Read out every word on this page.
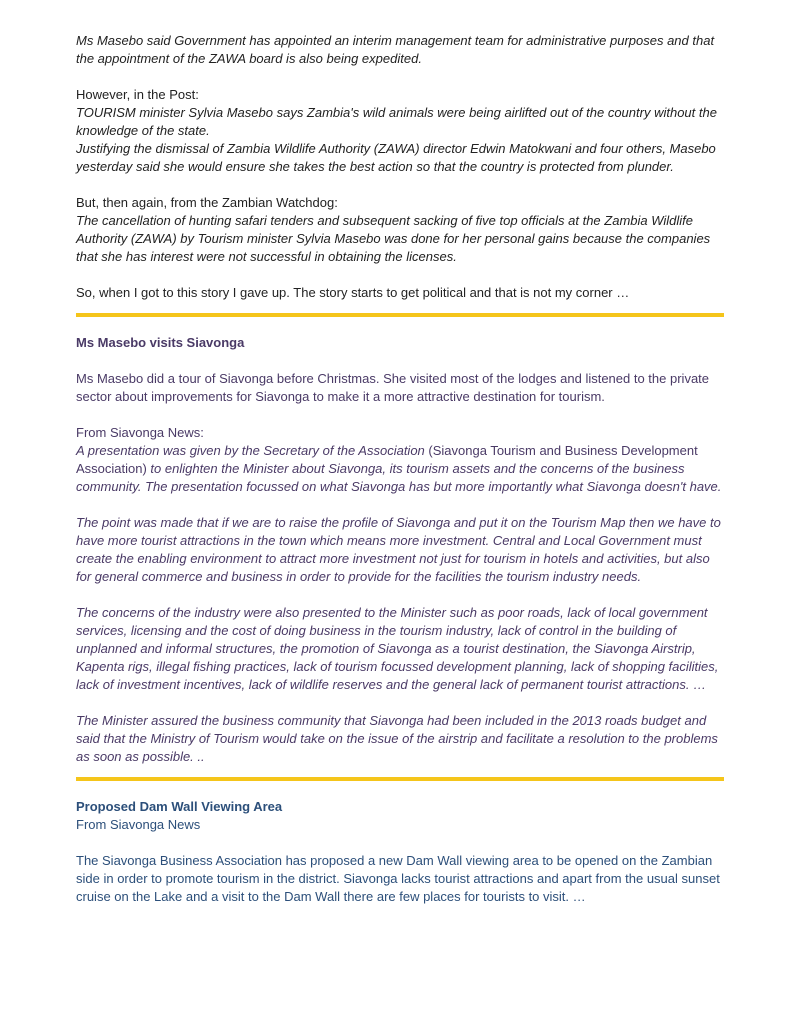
Ms Masebo said Government has appointed an interim management team for administrative purposes and that the appointment of the ZAWA board is also being expedited.

However, in the Post:

TOURISM minister Sylvia Masebo says Zambia's wild animals were being airlifted out of the country without the knowledge of the state.

Justifying the dismissal of Zambia Wildlife Authority (ZAWA) director Edwin Matokwani and four others, Masebo yesterday said she would ensure she takes the best action so that the country is protected from plunder.

But, then again, from the Zambian Watchdog:

The cancellation of hunting safari tenders and subsequent sacking of five top officials at the Zambia Wildlife Authority (ZAWA) by Tourism minister Sylvia Masebo was done for her personal gains because the companies that she has interest were not successful in obtaining the licenses.

So, when I got to this story I gave up. The story starts to get political and that is not my corner …

Ms Masebo visits Siavonga

Ms Masebo did a tour of Siavonga before Christmas. She visited most of the lodges and listened to the private sector about improvements for Siavonga to make it a more attractive destination for tourism.

From Siavonga News:

A presentation was given by the Secretary of the Association (Siavonga Tourism and Business Development Association) to enlighten the Minister about Siavonga, its tourism assets and the concerns of the business community. The presentation focussed on what Siavonga has but more importantly what Siavonga doesn't have.

The point was made that if we are to raise the profile of Siavonga and put it on the Tourism Map then we have to have more tourist attractions in the town which means more investment. Central and Local Government must create the enabling environment to attract more investment not just for tourism in hotels and activities, but also for general commerce and business in order to provide for the facilities the tourism industry needs.

The concerns of the industry were also presented to the Minister such as poor roads, lack of local government services, licensing and the cost of doing business in the tourism industry, lack of control in the building of unplanned and informal structures, the promotion of Siavonga as a tourist destination, the Siavonga Airstrip, Kapenta rigs, illegal fishing practices, lack of tourism focussed development planning, lack of shopping facilities, lack of investment incentives, lack of wildlife reserves and the general lack of permanent tourist attractions. …

The Minister assured the business community that Siavonga had been included in the 2013 roads budget and said that the Ministry of Tourism would take on the issue of the airstrip and facilitate a resolution to the problems as soon as possible. ..

Proposed Dam Wall Viewing Area

From Siavonga News

The Siavonga Business Association has proposed a new Dam Wall viewing area to be opened on the Zambian side in order to promote tourism in the district. Siavonga lacks tourist attractions and apart from the usual sunset cruise on the Lake and a visit to the Dam Wall there are few places for tourists to visit. …
